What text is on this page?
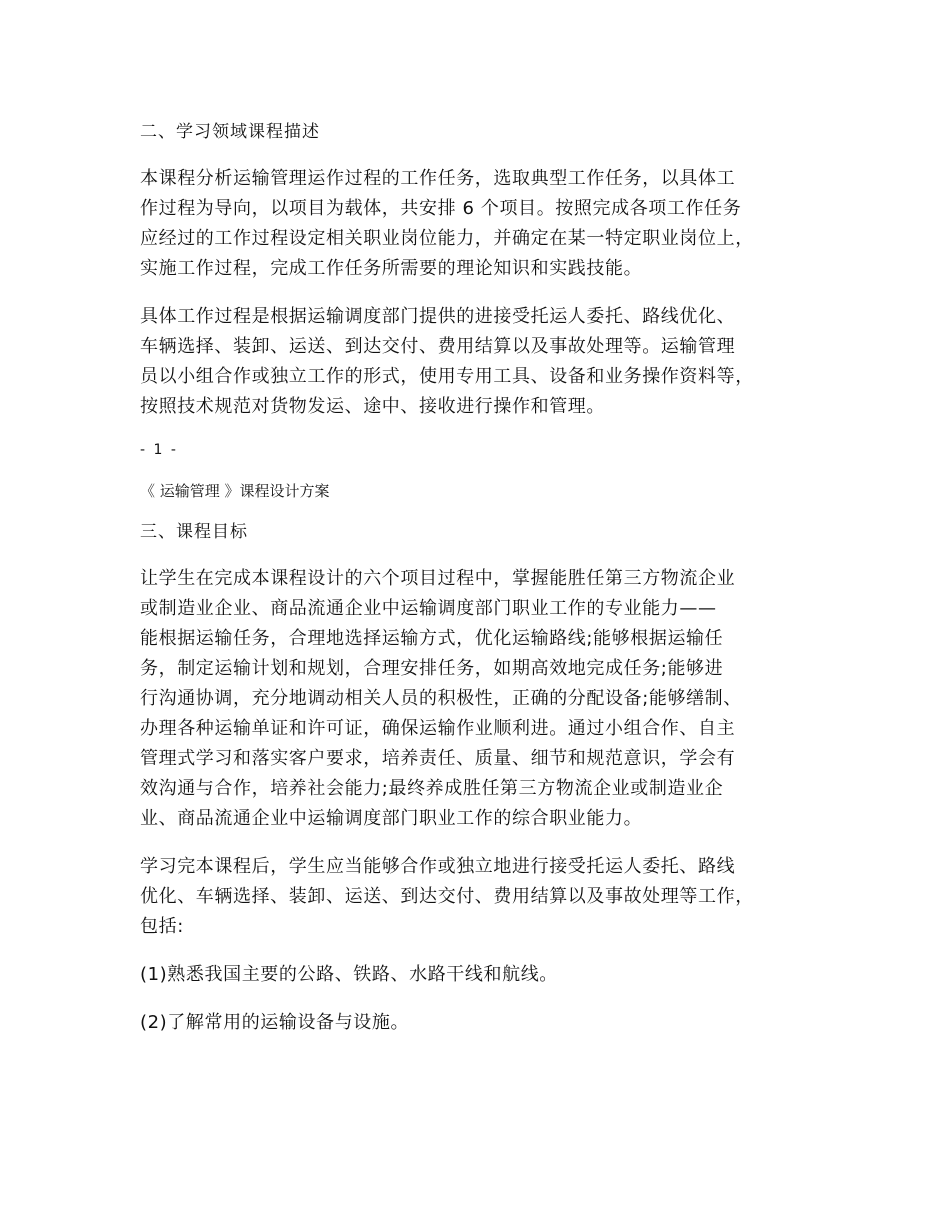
二、学习领域课程描述
本课程分析运输管理运作过程的工作任务，选取典型工作任务，以具体工
作过程为导向，以项目为载体，共安排 6 个项目。按照完成各项工作任务
应经过的工作过程设定相关职业岗位能力，并确定在某一特定职业岗位上，
实施工作过程，完成工作任务所需要的理论知识和实践技能。
具体工作过程是根据运输调度部门提供的进接受托运人委托、路线优化、
车辆选择、装卸、运送、到达交付、费用结算以及事故处理等。运输管理
员以小组合作或独立工作的形式，使用专用工具、设备和业务操作资料等，
按照技术规范对货物发运、途中、接收进行操作和管理。
- 1 -
《 运输管理 》课程设计方案
三、课程目标
让学生在完成本课程设计的六个项目过程中，掌握能胜任第三方物流企业
或制造业企业、商品流通企业中运输调度部门职业工作的专业能力——
能根据运输任务，合理地选择运输方式，优化运输路线;能够根据运输任
务，制定运输计划和规划，合理安排任务，如期高效地完成任务;能够进
行沟通协调，充分地调动相关人员的积极性，正确的分配设备;能够缮制、
办理各种运输单证和许可证，确保运输作业顺利进。通过小组合作、自主
管理式学习和落实客户要求，培养责任、质量、细节和规范意识，学会有
效沟通与合作，培养社会能力;最终养成胜任第三方物流企业或制造业企
业、商品流通企业中运输调度部门职业工作的综合职业能力。
学习完本课程后，学生应当能够合作或独立地进行接受托运人委托、路线
优化、车辆选择、装卸、运送、到达交付、费用结算以及事故处理等工作，
包括:
(1)熟悉我国主要的公路、铁路、水路干线和航线。
(2)了解常用的运输设备与设施。
